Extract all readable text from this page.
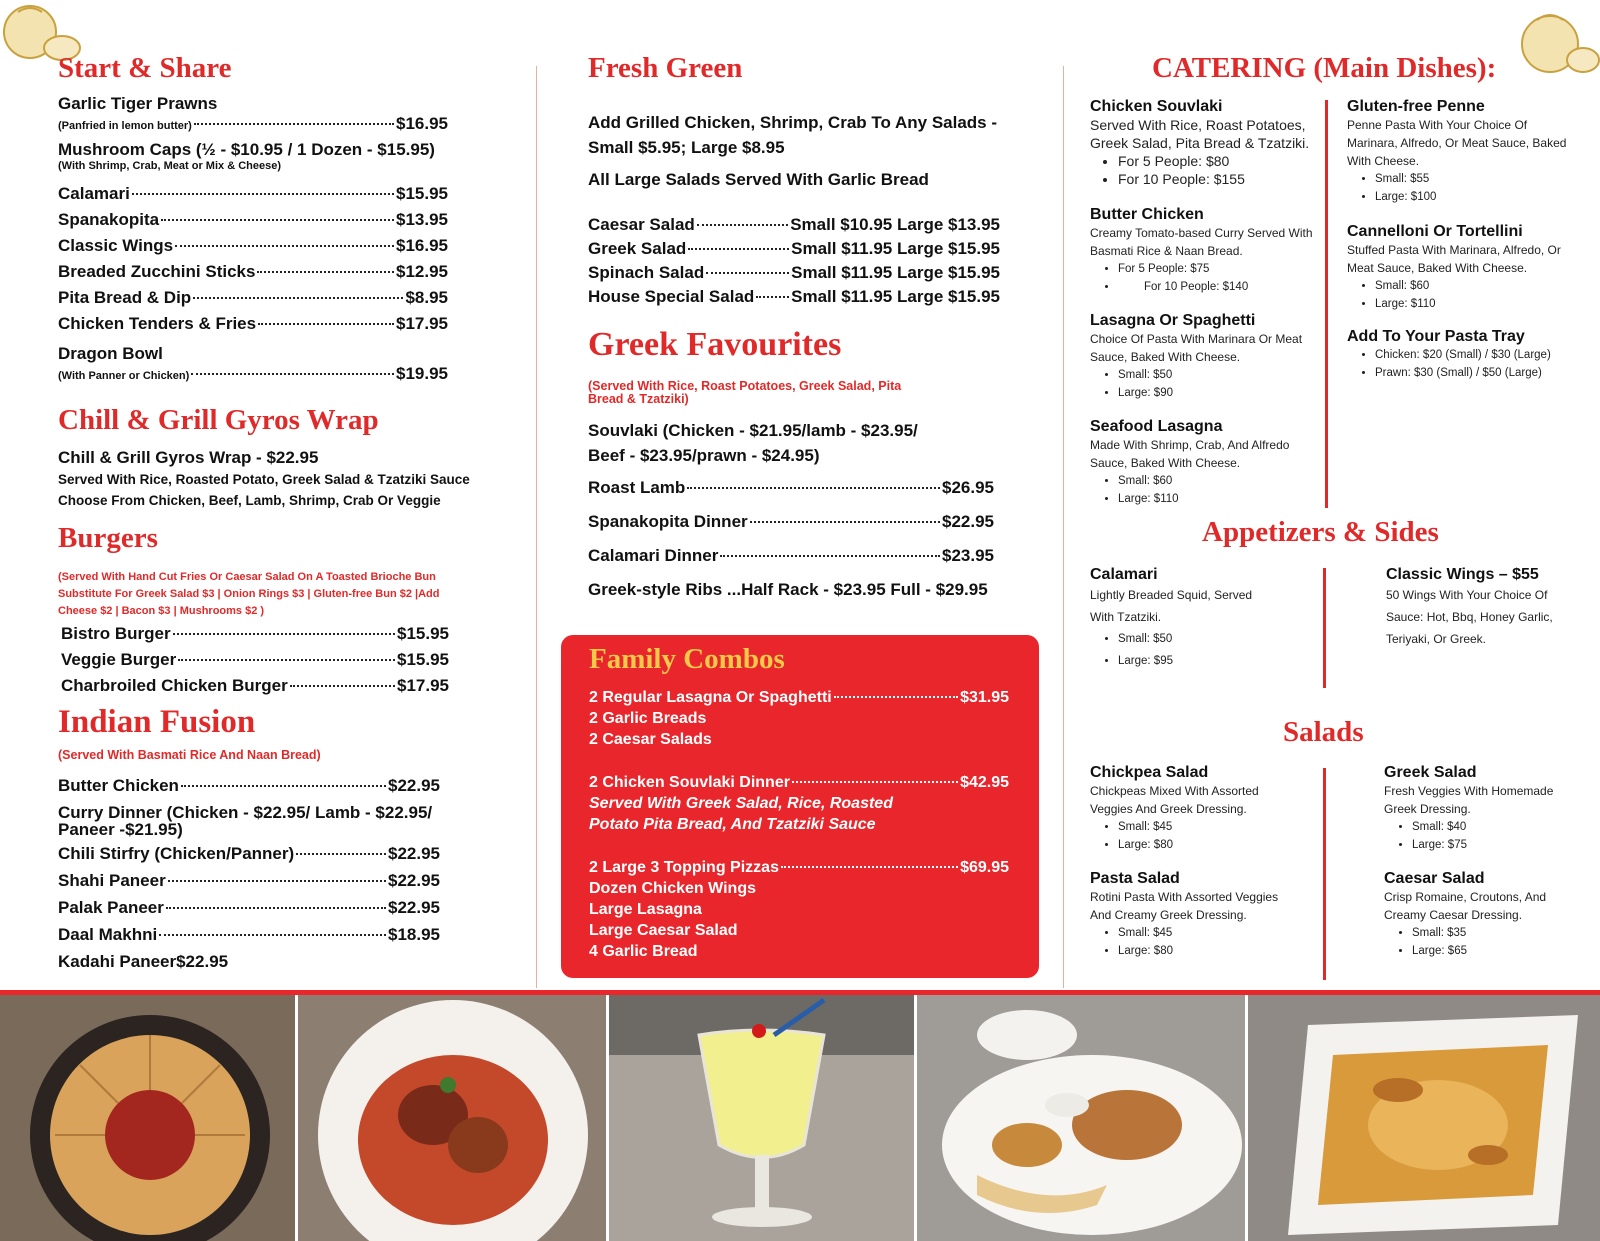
Start & Share
Garlic Tiger Prawns
(Panfried in lemon butter)	$16.95
Mushroom Caps (½ - $10.95 / 1 Dozen - $15.95)
(With Shrimp, Crab, Meat or Mix & Cheese)
Calamari	$15.95
Spanakopita	$13.95
Classic Wings	$16.95
Breaded Zucchini Sticks	$12.95
Pita Bread & Dip	$8.95
Chicken Tenders & Fries	$17.95
Dragon Bowl
(With Panner or Chicken)	$19.95
Chill & Grill Gyros Wrap
Chill & Grill Gyros Wrap - $22.95
Served With Rice, Roasted Potato, Greek Salad & Tzatziki Sauce
Choose From Chicken, Beef, Lamb, Shrimp, Crab Or Veggie
Burgers
(Served With Hand Cut Fries Or Caesar Salad On A Toasted Brioche Bun Substitute For Greek Salad $3 | Onion Rings $3 | Gluten-free Bun $2 |Add Cheese $2 | Bacon $3 | Mushrooms $2 )
Bistro Burger	$15.95
Veggie Burger	$15.95
Charbroiled Chicken Burger	$17.95
Indian Fusion
(Served With Basmati Rice And Naan Bread)
Butter Chicken	$22.95
Curry Dinner (Chicken - $22.95/ Lamb - $22.95/ Paneer -$21.95)
Chili Stirfry (Chicken/Panner)	$22.95
Shahi Paneer	$22.95
Palak Paneer	$22.95
Daal Makhni	$18.95
Kadahi Paneer$22.95
Fresh Green
Add Grilled Chicken, Shrimp, Crab To Any Salads - Small $5.95; Large $8.95
All Large Salads Served With Garlic Bread
Caesar Salad	Small $10.95 Large $13.95
Greek Salad	Small $11.95 Large $15.95
Spinach Salad	Small $11.95 Large $15.95
House Special Salad Small $11.95 Large $15.95
Greek Favourites
(Served With Rice, Roast Potatoes, Greek Salad, Pita Bread & Tzatziki)
Souvlaki (Chicken - $21.95/lamb - $23.95/ Beef - $23.95/prawn - $24.95)
Roast Lamb	$26.95
Spanakopita Dinner	$22.95
Calamari Dinner	$23.95
Greek-style Ribs ...Half Rack - $23.95 Full - $29.95
Family Combos
2 Regular Lasagna Or Spaghetti	$31.95
2 Garlic Breads
2 Caesar Salads
2 Chicken Souvlaki Dinner	$42.95
Served With Greek Salad, Rice, Roasted Potato Pita Bread, And Tzatziki Sauce
2 Large 3 Topping Pizzas	$69.95
Dozen Chicken Wings
Large Lasagna
Large Caesar Salad
4 Garlic Bread
CATERING (Main Dishes):
Chicken Souvlaki
Served With Rice, Roast Potatoes, Greek Salad, Pita Bread & Tzatziki.
• For 5 People: $80
• For 10 People: $155
Butter Chicken
Creamy Tomato-based Curry Served With Basmati Rice & Naan Bread.
• For 5 People: $75
• For 10 People: $140
Lasagna Or Spaghetti
Choice Of Pasta With Marinara Or Meat Sauce, Baked With Cheese.
• Small: $50
• Large: $90
Seafood Lasagna
Made With Shrimp, Crab, And Alfredo Sauce, Baked With Cheese.
• Small: $60
• Large: $110
Gluten-free Penne
Penne Pasta With Your Choice Of Marinara, Alfredo, Or Meat Sauce, Baked With Cheese.
• Small: $55
• Large: $100
Cannelloni Or Tortellini
Stuffed Pasta With Marinara, Alfredo, Or Meat Sauce, Baked With Cheese.
• Small: $60
• Large: $110
Add To Your Pasta Tray
• Chicken: $20 (Small) / $30 (Large)
• Prawn: $30 (Small) / $50 (Large)
Appetizers & Sides
Calamari
Lightly Breaded Squid, Served With Tzatziki.
• Small: $50
• Large: $95
Classic Wings – $55
50 Wings With Your Choice Of Sauce: Hot, Bbq, Honey Garlic, Teriyaki, Or Greek.
Salads
Chickpea Salad
Chickpeas Mixed With Assorted Veggies And Greek Dressing.
• Small: $45
• Large: $80
Pasta Salad
Rotini Pasta With Assorted Veggies And Creamy Greek Dressing.
• Small: $45
• Large: $80
Greek Salad
Fresh Veggies With Homemade Greek Dressing.
• Small: $40
• Large: $75
Caesar Salad
Crisp Romaine, Croutons, And Creamy Caesar Dressing.
• Small: $35
• Large: $65
